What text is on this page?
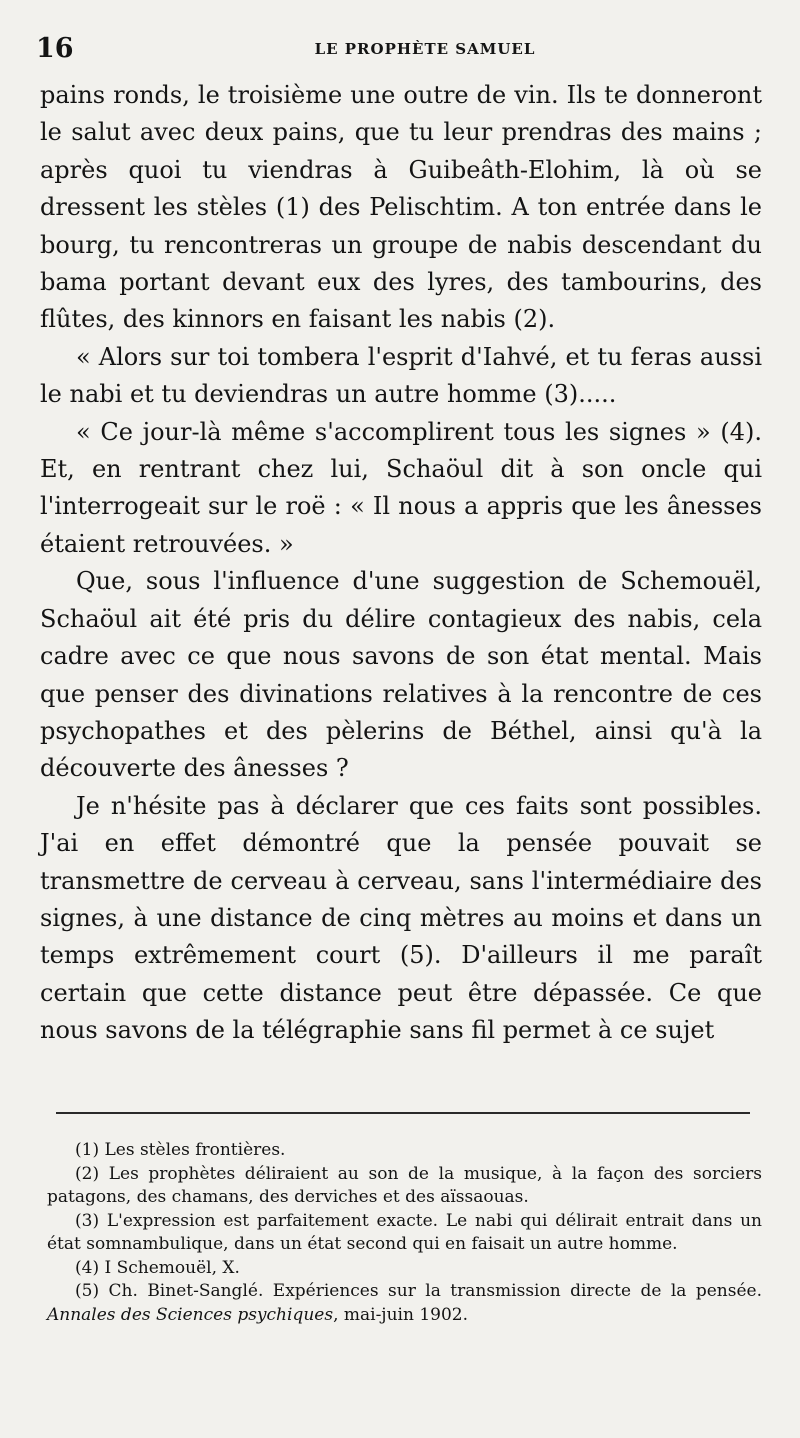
16	LE PROPHÈTE SAMUEL

pains ronds, le troisième une outre de vin. Ils te donneront le salut avec deux pains, que tu leur prendras des mains ; après quoi tu viendras à Guibeâth-Elohim, là où se dressent les stèles (1) des Pelischtim. A ton entrée dans le bourg, tu rencontreras un groupe de nabis descendant du bama portant devant eux des lyres, des tambourins, des flûtes, des kinnors en faisant les nabis (2).

« Alors sur toi tombera l'esprit d'Iahvé, et tu feras aussi le nabi et tu deviendras un autre homme (3).....

« Ce jour-là même s'accomplirent tous les signes » (4). Et, en rentrant chez lui, Schaöul dit à son oncle qui l'interrogeait sur le roë : « Il nous a appris que les ânesses étaient retrouvées. »

Que, sous l'influence d'une suggestion de Schemouël, Schaöul ait été pris du délire contagieux des nabis, cela cadre avec ce que nous savons de son état mental. Mais que penser des divinations relatives à la rencontre de ces psychopathes et des pèlerins de Béthel, ainsi qu'à la découverte des ânesses ?

Je n'hésite pas à déclarer que ces faits sont possibles. J'ai en effet démontré que la pensée pouvait se transmettre de cerveau à cerveau, sans l'intermédiaire des signes, à une distance de cinq mètres au moins et dans un temps extrêmement court (5). D'ailleurs il me paraît certain que cette distance peut être dépassée. Ce que nous savons de la télégraphie sans fil permet à ce sujet

(1) Les stèles frontières.

(2) Les prophètes déliraient au son de la musique, à la façon des sorciers patagons, des chamans, des derviches et des aïssaouas.

(3) L'expression est parfaitement exacte. Le nabi qui délirait entrait dans un état somnambulique, dans un état second qui en faisait un autre homme.

(4) I Schemouël, X.

(5) Ch. Binet-Sanglé. Expériences sur la transmission directe de la pensée. Annales des Sciences psychiques, mai-juin 1902.
